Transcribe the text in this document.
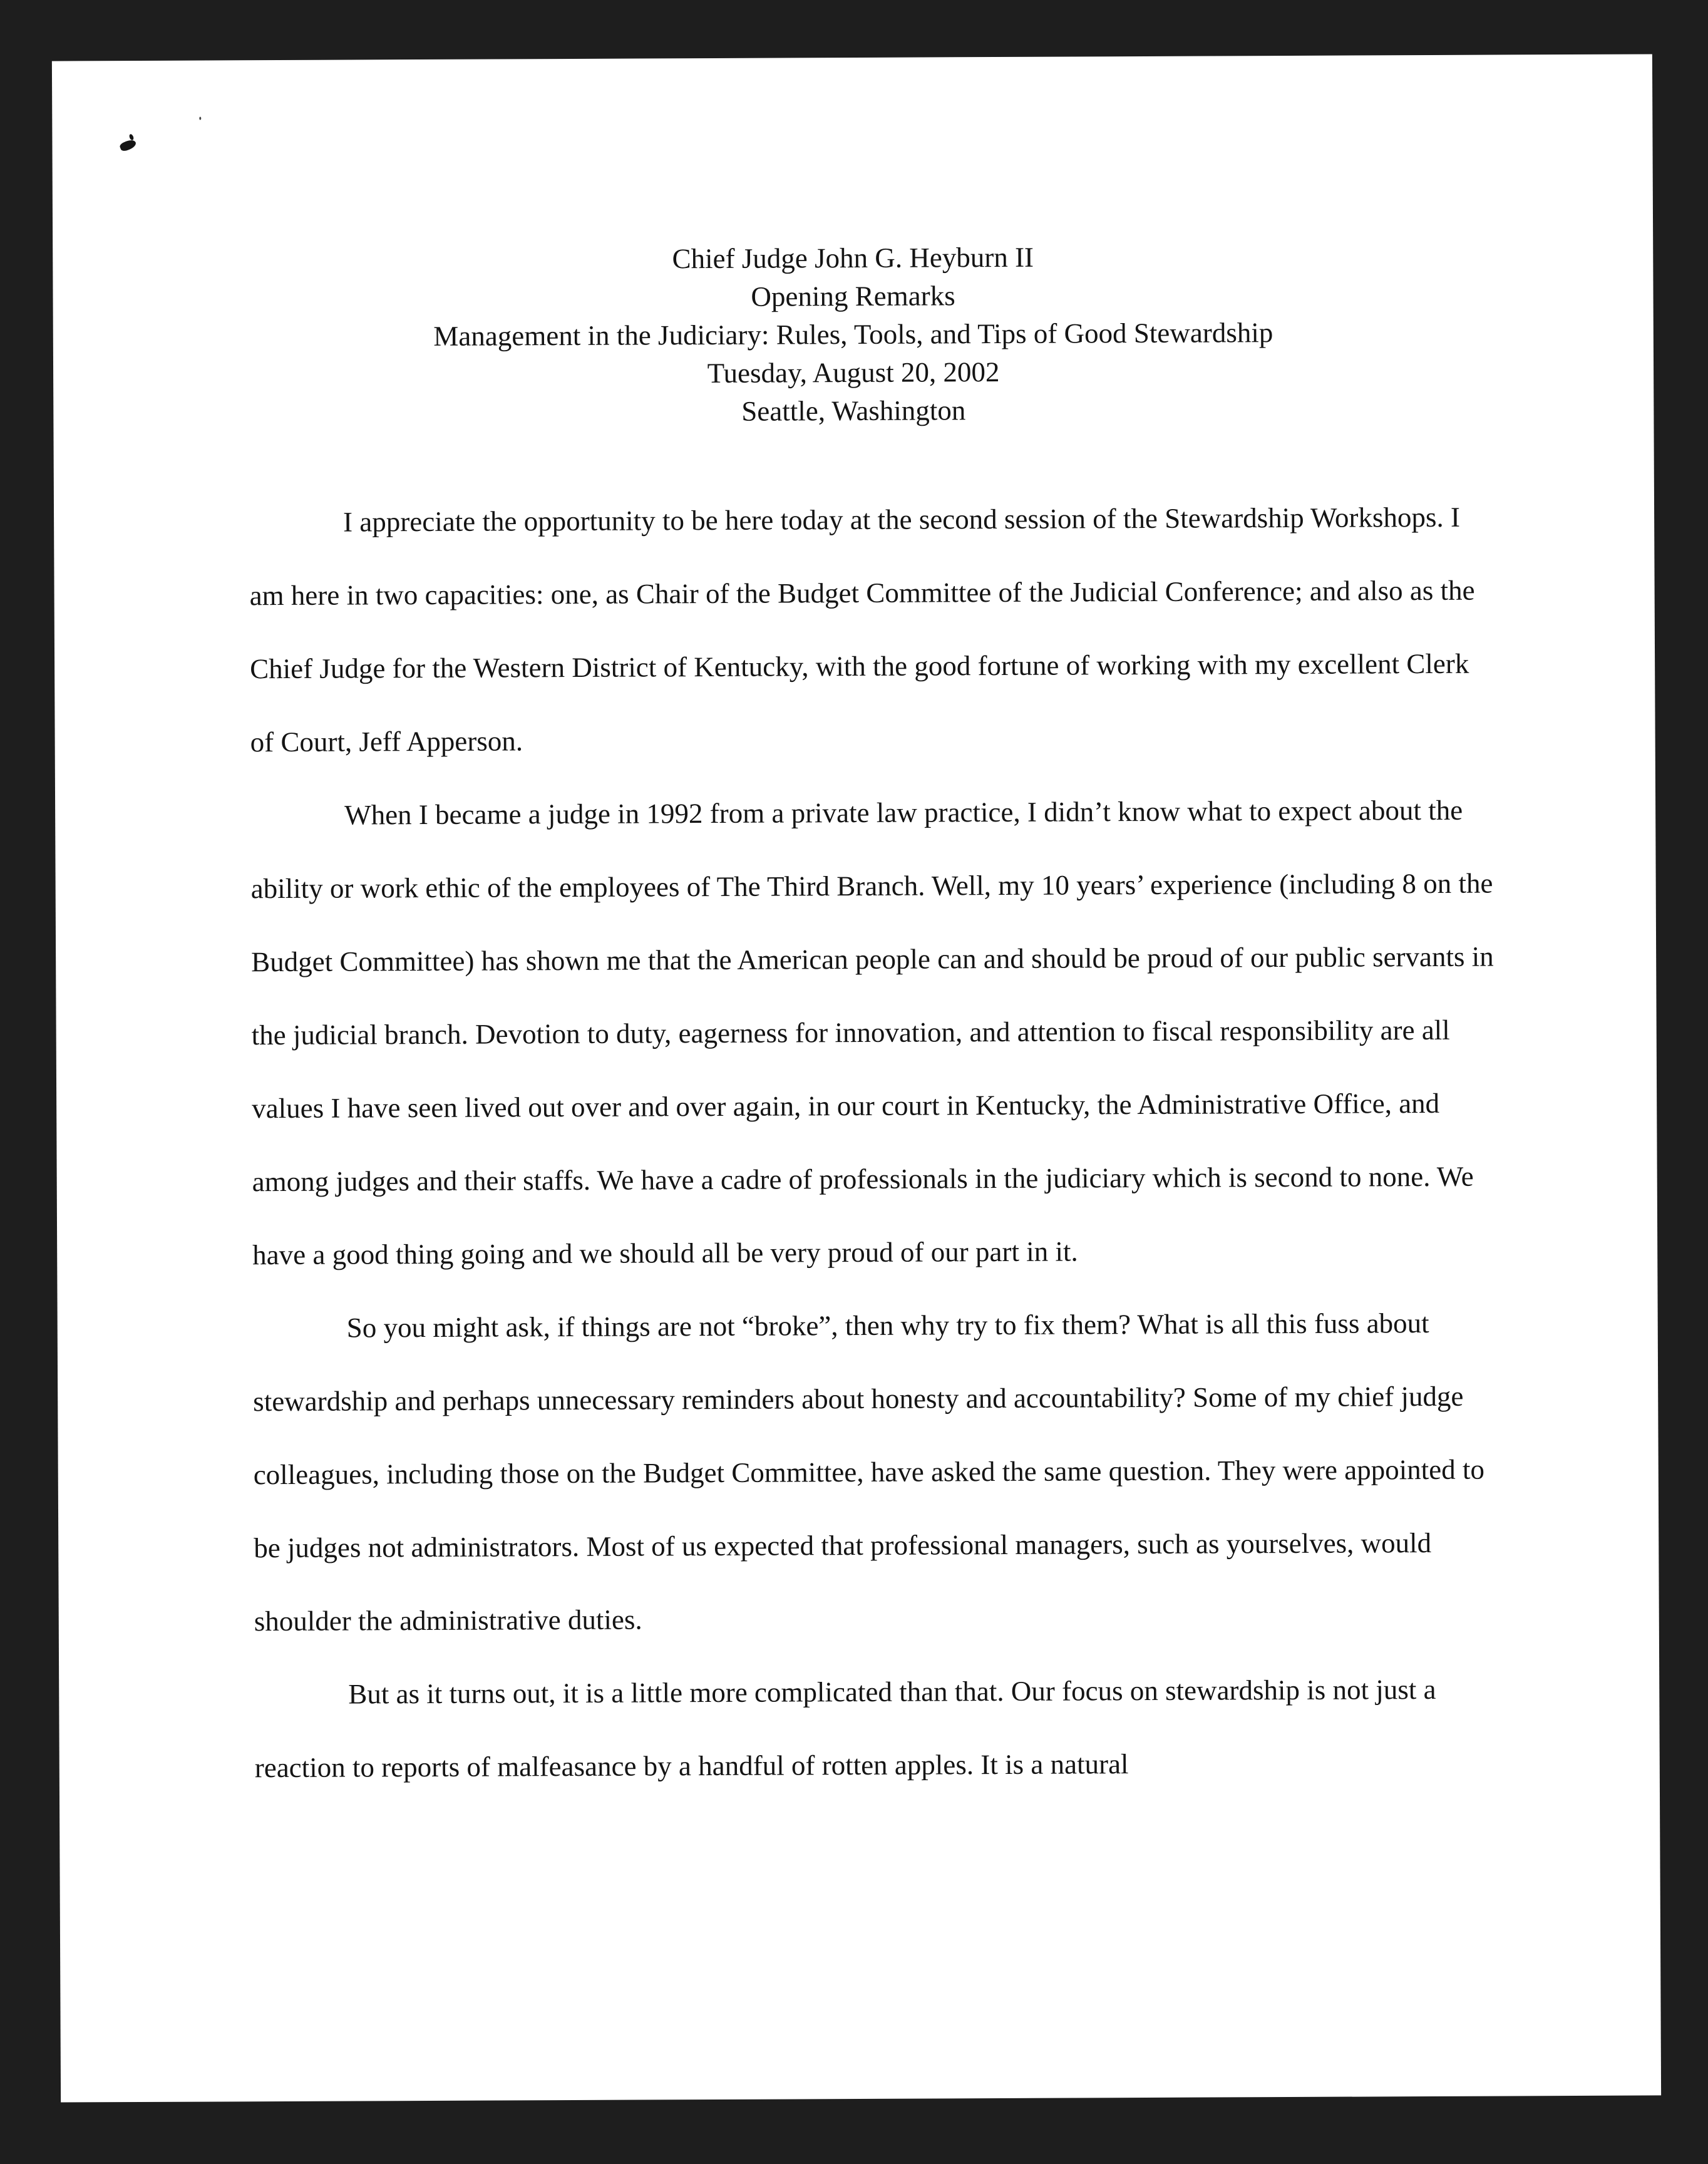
Chief Judge John G. Heyburn II
Opening Remarks
Management in the Judiciary: Rules, Tools, and Tips of Good Stewardship
Tuesday, August 20, 2002
Seattle, Washington

I appreciate the opportunity to be here today at the second session of the Stewardship Workshops. I am here in two capacities: one, as Chair of the Budget Committee of the Judicial Conference; and also as the Chief Judge for the Western District of Kentucky, with the good fortune of working with my excellent Clerk of Court, Jeff Apperson.

When I became a judge in 1992 from a private law practice, I didn’t know what to expect about the ability or work ethic of the employees of The Third Branch. Well, my 10 years’ experience (including 8 on the Budget Committee) has shown me that the American people can and should be proud of our public servants in the judicial branch. Devotion to duty, eagerness for innovation, and attention to fiscal responsibility are all values I have seen lived out over and over again, in our court in Kentucky, the Administrative Office, and among judges and their staffs. We have a cadre of professionals in the judiciary which is second to none. We have a good thing going and we should all be very proud of our part in it.

So you might ask, if things are not “broke”, then why try to fix them? What is all this fuss about stewardship and perhaps unnecessary reminders about honesty and accountability? Some of my chief judge colleagues, including those on the Budget Committee, have asked the same question. They were appointed to be judges not administrators. Most of us expected that professional managers, such as yourselves, would shoulder the administrative duties.

But as it turns out, it is a little more complicated than that. Our focus on stewardship is not just a reaction to reports of malfeasance by a handful of rotten apples. It is a natural
